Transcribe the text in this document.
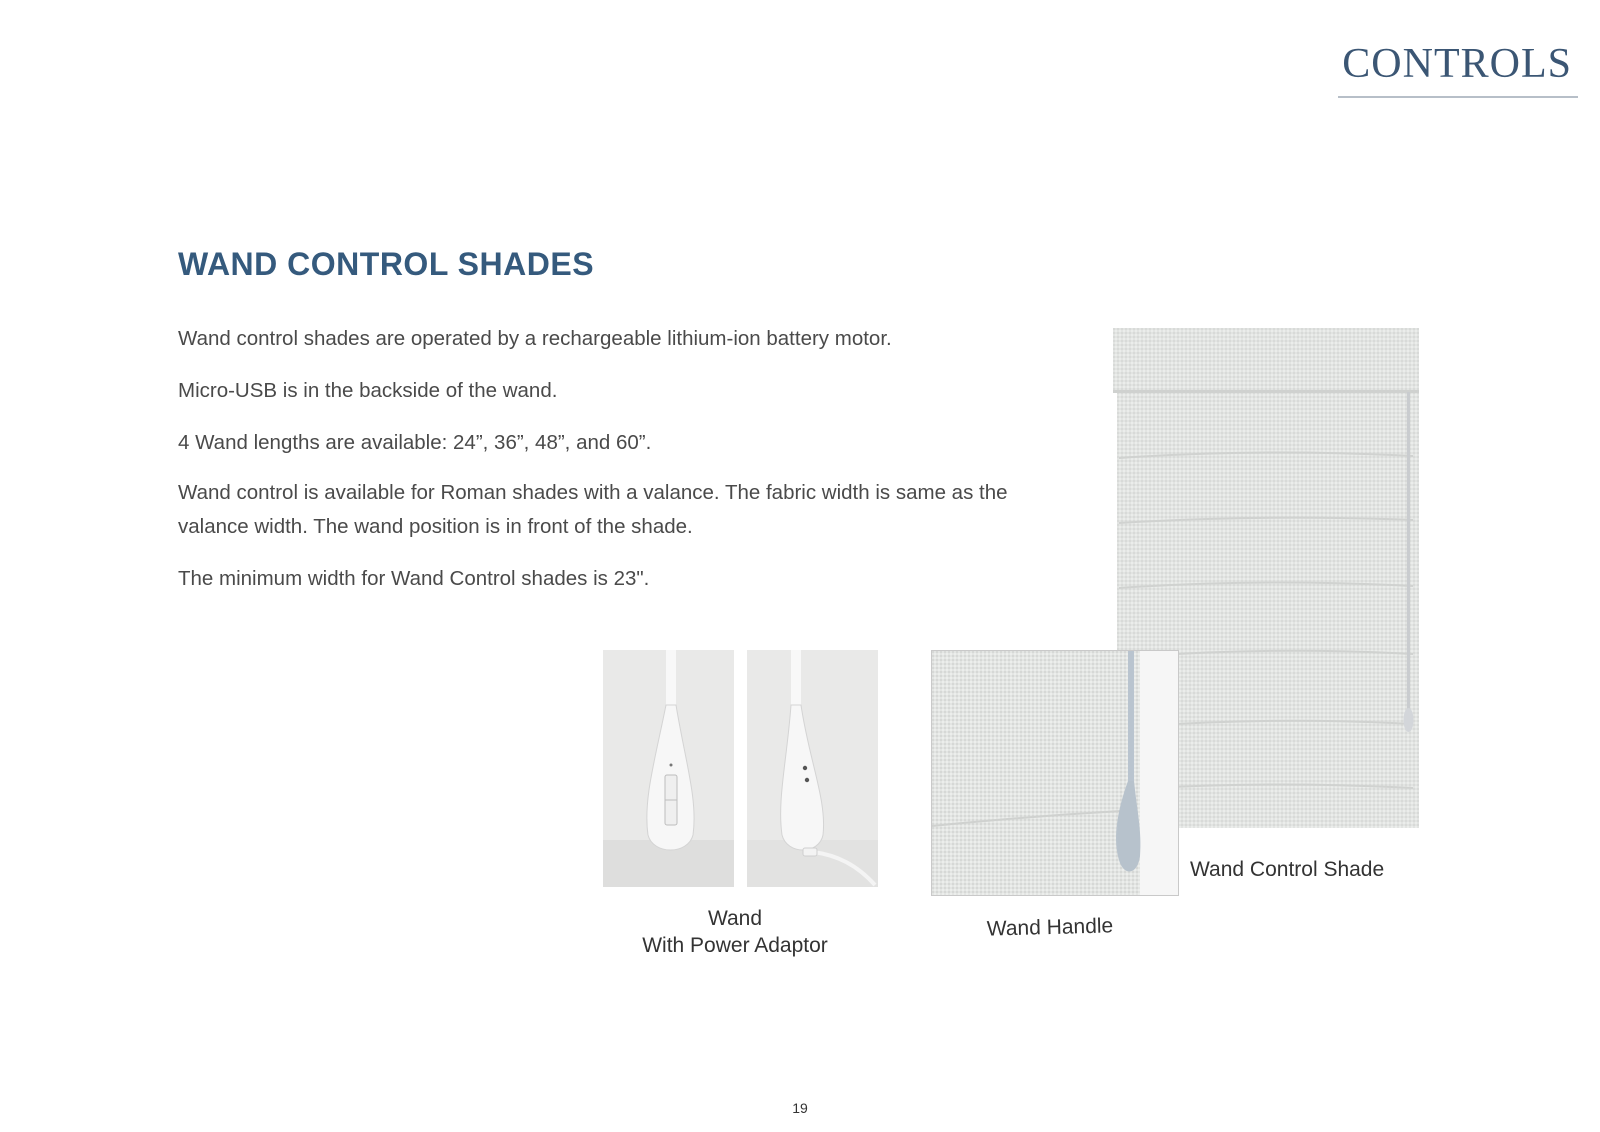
CONTROLS
WAND CONTROL SHADES

Wand control shades are operated by a rechargeable lithium-ion battery motor.

Micro-USB is in the backside of the wand.

4 Wand lengths are available: 24”, 36”, 48”, and 60”.

Wand control is available for Roman shades with a valance. The fabric width is same as the valance width. The wand position is in front of the shade.

The minimum width for Wand Control shades is 23".

Wand
With Power Adaptor
Wand Handle
Wand Control Shade
19
